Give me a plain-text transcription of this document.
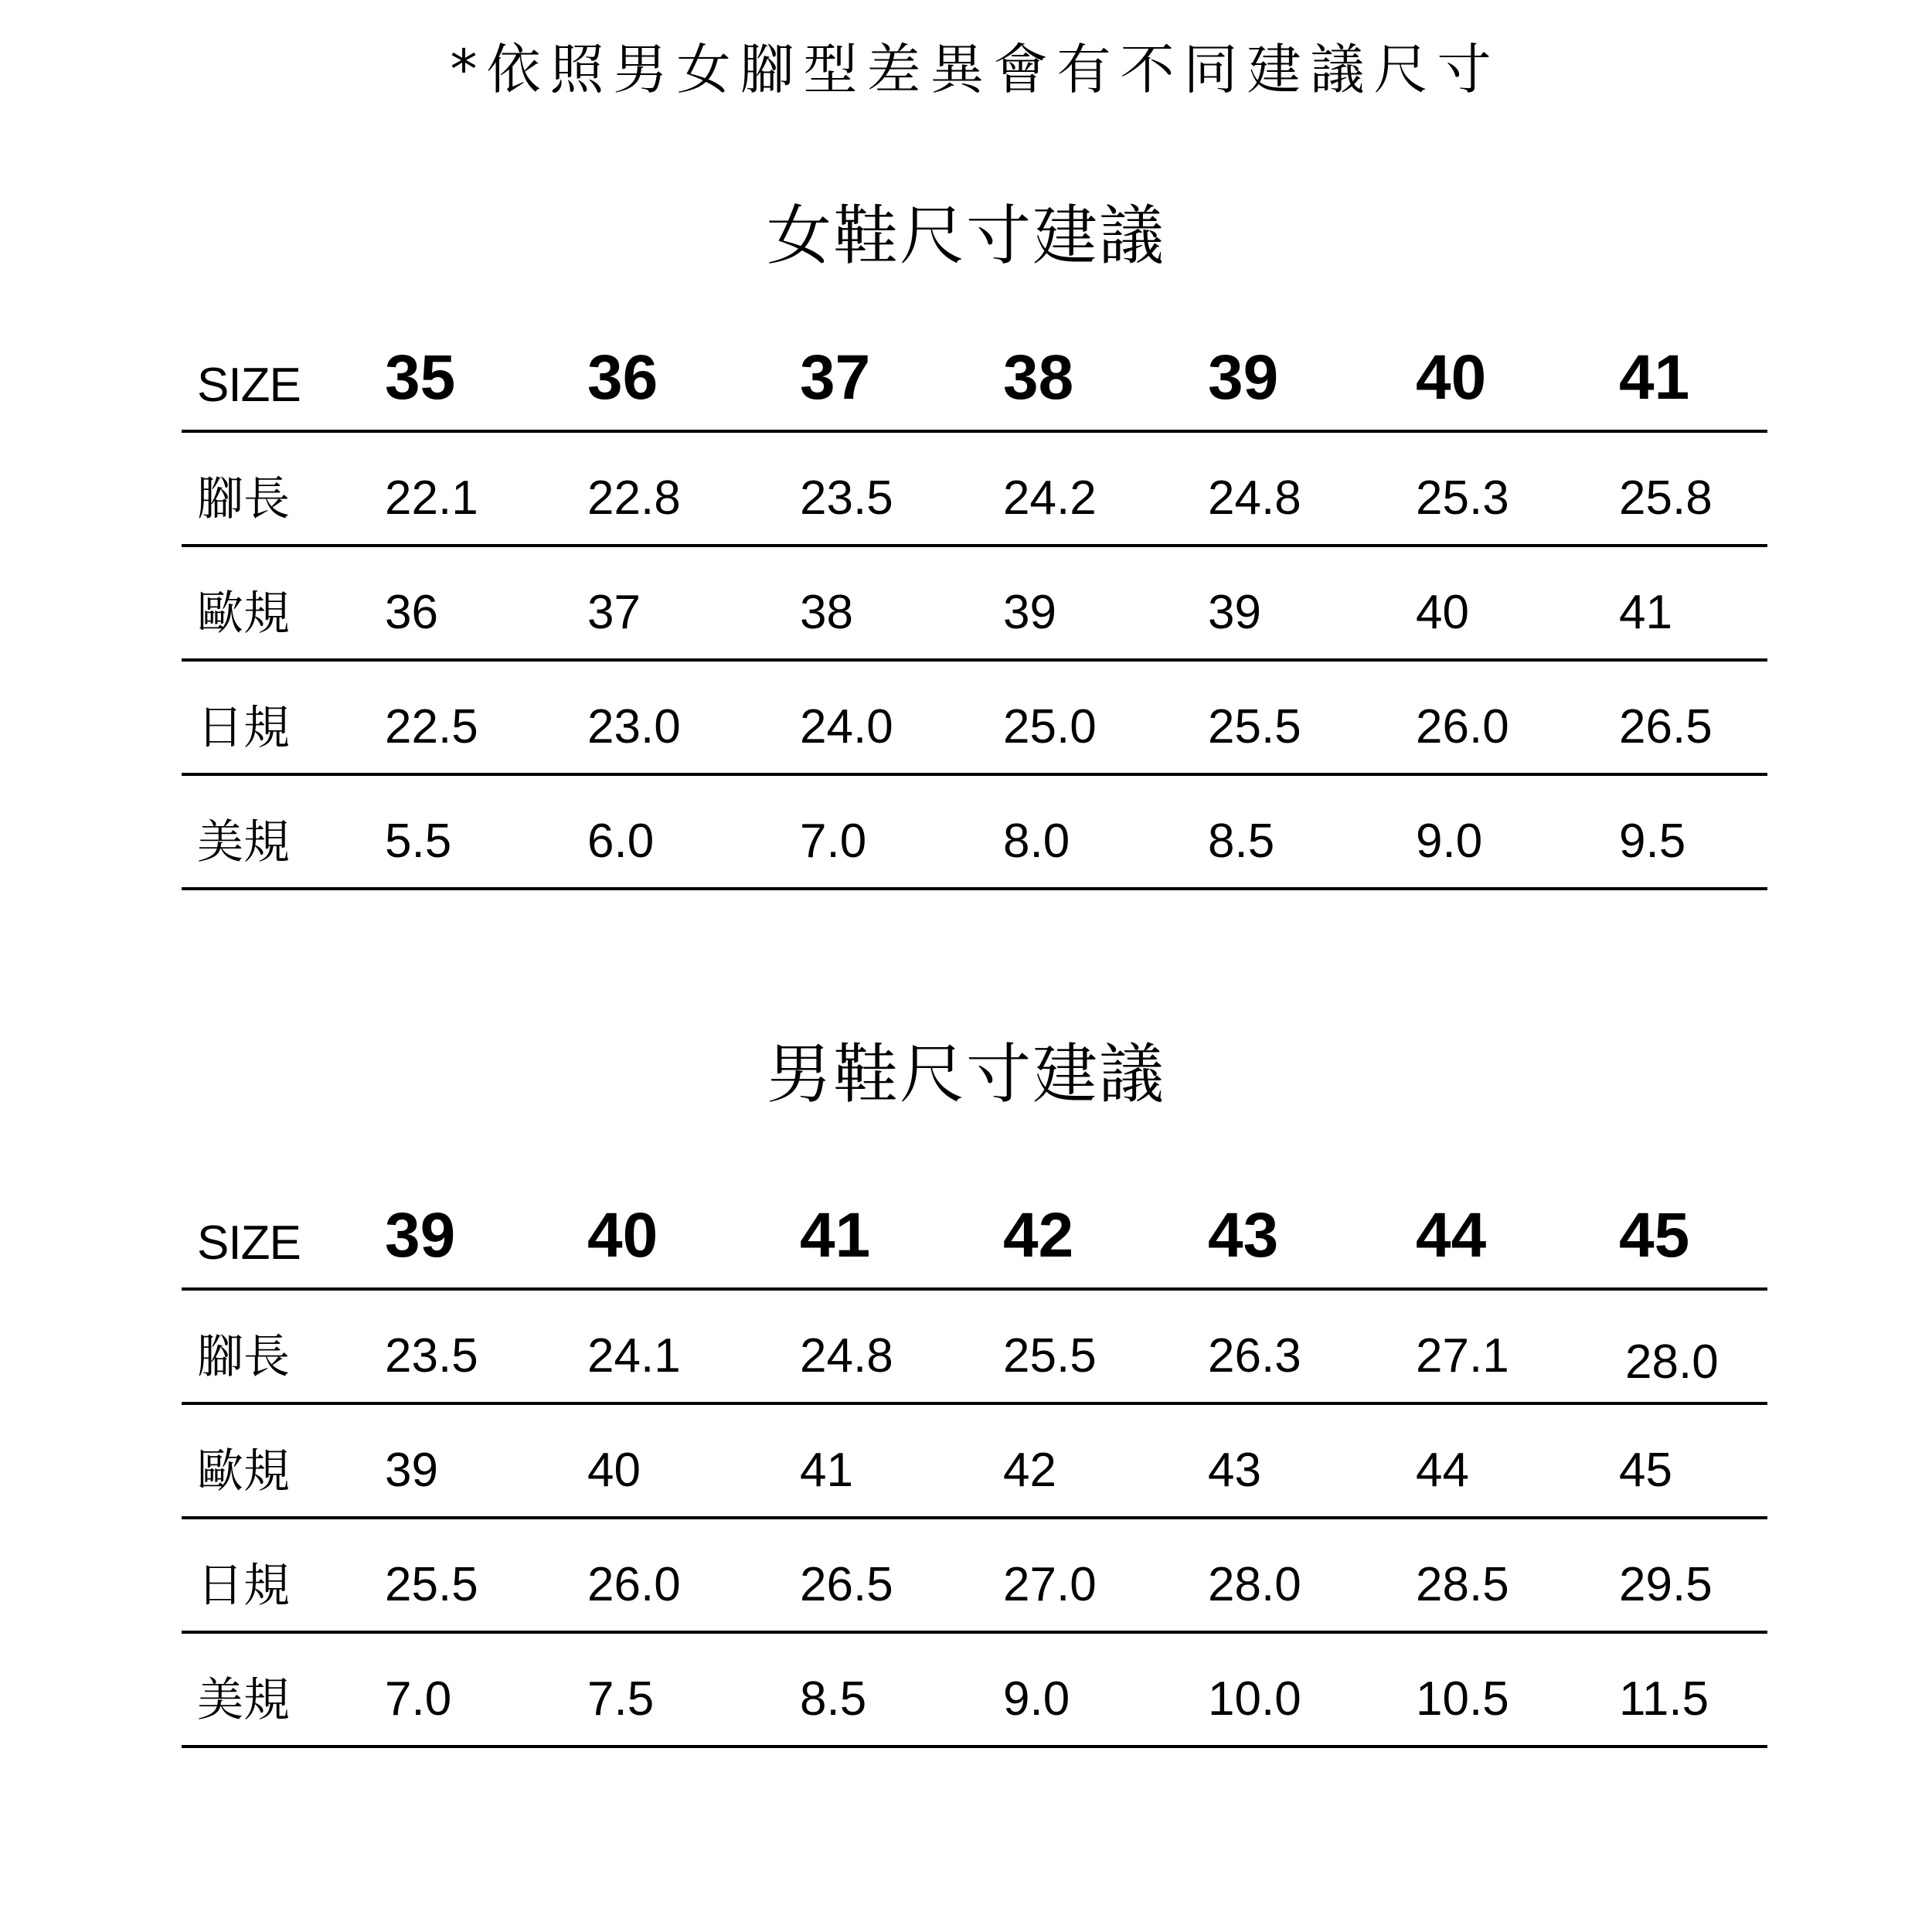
*依照男女腳型差異會有不同建議尺寸
女鞋尺寸建議
SIZE 35 36 37 38 39 40 41
腳長 22.1 22.8 23.5 24.2 24.8 25.3 25.8
歐規 36	37	38	39	39	40	41
日規 22.5 23.0 24.0 25.0 25.5 26.0 26.5
美規 5.5	6.0	7.0	8.0	8.5	9.0	9.5
男鞋尺寸建議
SIZE 39 40 41 42 43 44 45
腳長 23.5 24.1 24.8 25.5 26.3 27.1 28.0
歐規 39	40	41	42	43	44	45
日規 25.5 26.0 26.5 27.0 28.0 28.5 29.5
美規 7.0	7.5	8.5	9.0	10.0 10.5 11.5
